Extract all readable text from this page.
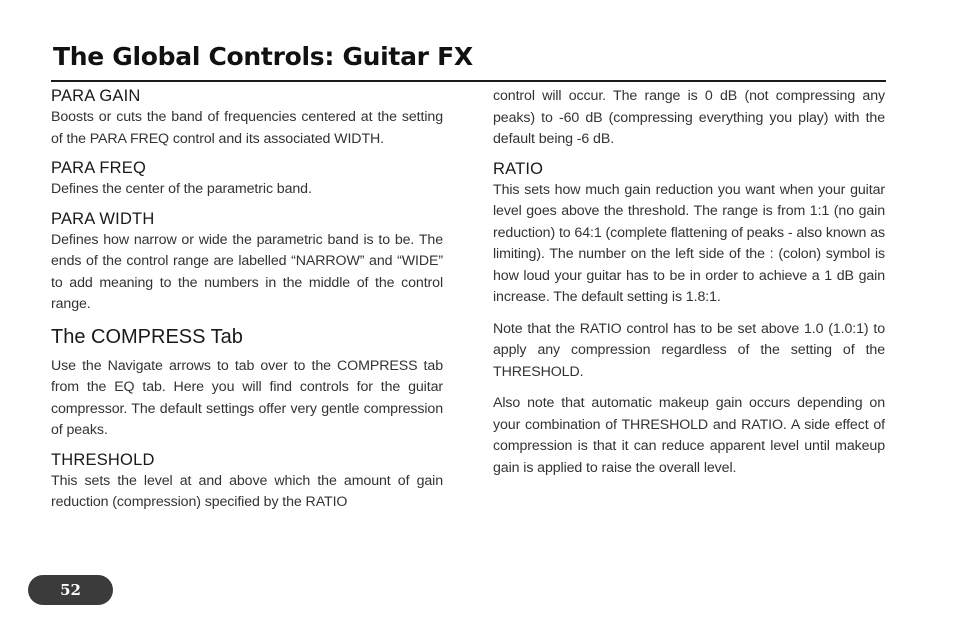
The Global Controls: Guitar FX
PARA GAIN

Boosts or cuts the band of frequencies centered at the setting of the PARA FREQ control and its associated WIDTH.

PARA FREQ

Defines the center of the parametric band.

PARA WIDTH

Defines how narrow or wide the parametric band is to be. The ends of the control range are labelled “NARROW” and “WIDE” to add meaning to the numbers in the middle of the control range.

The COMPRESS Tab

Use the Navigate arrows to tab over to the COMPRESS tab from the EQ tab. Here you will find controls for the guitar compressor. The default settings offer very gentle compression of peaks.

THRESHOLD

This sets the level at and above which the amount of gain reduction (compression) specified by the RATIO

control will occur. The range is 0 dB (not compressing any peaks) to -60 dB (compressing everything you play) with the default being -6 dB.

RATIO

This sets how much gain reduction you want when your guitar level goes above the threshold. The range is from 1:1 (no gain reduction) to 64:1 (complete flattening of peaks - also known as limiting). The number on the left side of the : (colon) symbol is how loud your guitar has to be in order to achieve a 1 dB gain increase. The default setting is 1.8:1.

Note that the RATIO control has to be set above 1.0 (1.0:1) to apply any compression regardless of the setting of the THRESHOLD.

Also note that automatic makeup gain occurs depending on your combination of THRESHOLD and RATIO. A side effect of compression is that it can reduce apparent level until makeup gain is applied to raise the overall level.

52
